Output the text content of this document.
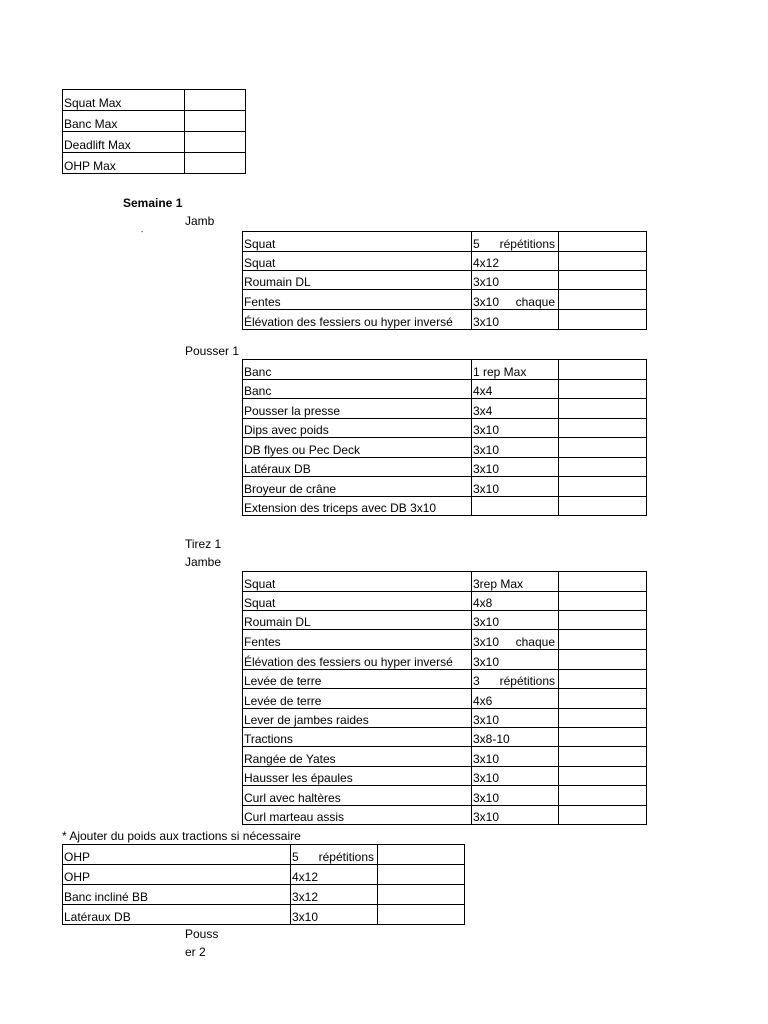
Squat Max	
Banc Max	
Deadlift Max	
OHP Max	
Semaine 1
Jamb
-
Squat	5 répétitions	

Squat	4x12	
Roumain DL	3x10	
Fentes	3x10 chaque	

Élévation des fessiers ou hyper inversé	3x10	
Pousser 1
Banc	1 rep Max	
Banc	4x4	
Pousser la presse	3x4	
Dips avec poids	3x10	
DB flyes ou Pec Deck	3x10	
Latéraux DB	3x10	
Broyeur de crâne	3x10	
Extension des triceps avec DB 3x10		
Tirez 1
Jambe
Squat	3rep Max	
Squat	4x8	
Roumain DL	3x10	
Fentes	3x10 chaque	

Élévation des fessiers ou hyper inversé	3x10	
Levée de terre	3 répétitions	

Levée de terre	4x6	
Lever de jambes raides	3x10	
Tractions	3x8-10	
Rangée de Yates	3x10	
Hausser les épaules	3x10	
Curl avec haltères	3x10	
Curl marteau assis	3x10	
* Ajouter du poids aux tractions si nécessaire
OHP	5 répétitions	

OHP	4x12	
Banc incliné BB	3x12	
Latéraux DB	3x10	
Pouss
er 2
